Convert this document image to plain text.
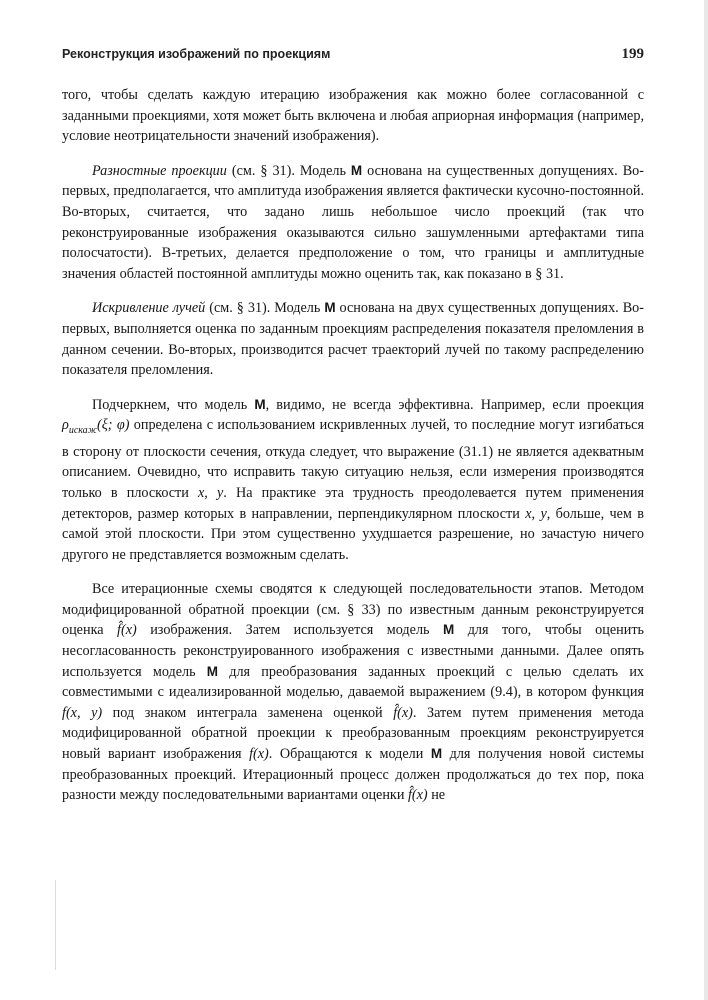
Реконструкция изображений по проекциям	199

того, чтобы сделать каждую итерацию изображения как можно более согласованной с заданными проекциями, хотя может быть включена и любая априорная информация (например, условие неотрицательности значений изображения).

Разностные проекции (см. § 31). Модель M основана на существенных допущениях. Во-первых, предполагается, что амплитуда изображения является фактически кусочно-постоянной. Во-вторых, считается, что задано лишь небольшое число проекций (так что реконструированные изображения оказываются сильно зашумленными артефактами типа полосчатости). В-третьих, делается предположение о том, что границы и амплитудные значения областей постоянной амплитуды можно оценить так, как показано в § 31.

Искривление лучей (см. § 31). Модель M основана на двух существенных допущениях. Во-первых, выполняется оценка по заданным проекциям распределения показателя преломления в данном сечении. Во-вторых, производится расчет траекторий лучей по такому распределению показателя преломления.

Подчеркнем, что модель M, видимо, не всегда эффективна. Например, если проекция $\rho_{искаж}(\xi$; φ) определена с использованием искривленных лучей, то последние могут изгибаться в сторону от плоскости сечения, откуда следует, что выражение (31.1) не является адекватным описанием. Очевидно, что исправить такую ситуацию нельзя, если измерения производятся только в плоскости x, y. На практике эта трудность преодолевается путем применения детекторов, размер которых в направлении, перпендикулярном плоскости x, y, больше, чем в самой этой плоскости. При этом существенно ухудшается разрешение, но зачастую ничего другого не представляется возможным сделать.

Все итерационные схемы сводятся к следующей последовательности этапов. Методом модифицированной обратной проекции (см. § 33) по известным данным реконструируется оценка f̂(x) изображения. Затем используется модель M для того, чтобы оценить несогласованность реконструированного изображения с известными данными. Далее опять используется модель M для преобразования заданных проекций с целью сделать их совместимыми с идеализированной моделью, даваемой выражением (9.4), в котором функция f(x, y) под знаком интеграла заменена оценкой f̂(x). Затем путем применения метода модифицированной обратной проекции к преобразованным проекциям реконструируется новый вариант изображения f(x). Обращаются к модели M для получения новой системы преобразованных проекций. Итерационный процесс должен продолжаться до тех пор, пока разности между последовательными вариантами оценки f̂(x) не
